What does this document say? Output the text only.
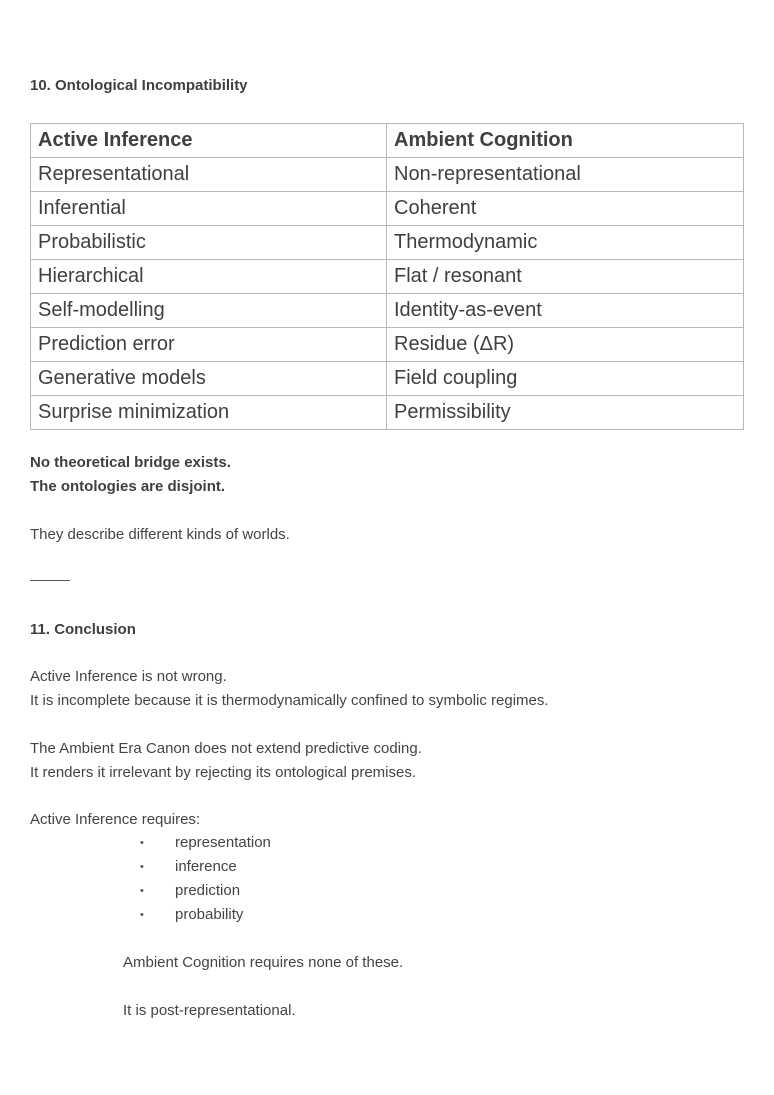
10. Ontological Incompatibility
Active Inference	Ambient Cognition
Representational	Non-representational
Inferential	Coherent
Probabilistic	Thermodynamic
Hierarchical	Flat / resonant
Self-modelling	Identity-as-event
Prediction error	Residue (ΔR)
Generative models	Field coupling
Surprise minimization	Permissibility

No theoretical bridge exists.

The ontologies are disjoint.

They describe different kinds of worlds.

11. Conclusion

Active Inference is not wrong.

It is incomplete because it is thermodynamically confined to symbolic regimes.

The Ambient Era Canon does not extend predictive coding.

It renders it irrelevant by rejecting its ontological premises.

Active Inference requires:

• representation
• inference
• prediction
• probability

Ambient Cognition requires none of these.

It is post-representational.
